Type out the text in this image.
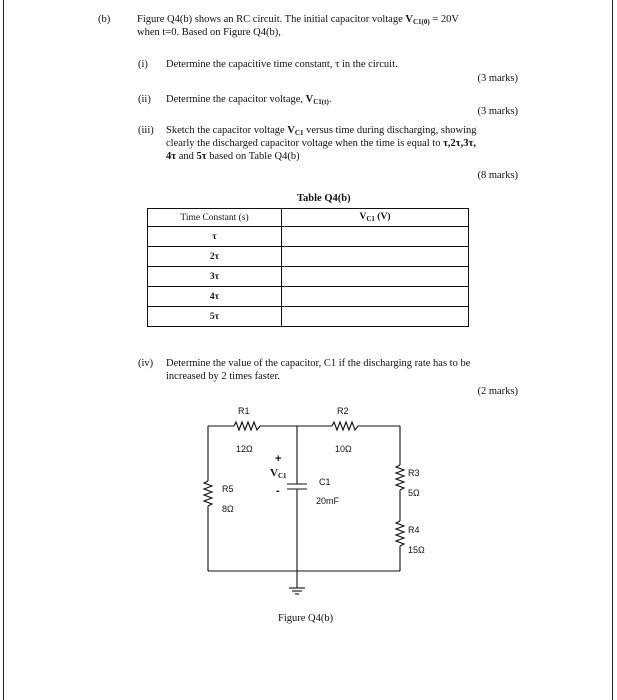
(b)	Figure Q4(b) shows an RC circuit. The initial capacitor voltage $V_{C1(0)} = 20V$
when t=0. Based on Figure Q4(b),
(i) Determine the capacitive time constant, τ in the circuit.
(3 marks)
(ii) Determine the capacitor voltage, $V_{C1(t)}$.
(3 marks)
(iii) Sketch the capacitor voltage $V_{C1}$ versus time during discharging, showing
clearly the discharged capacitor voltage when the time is equal to τ,2τ,3τ,
4τ and 5τ based on Table Q4(b)
(8 marks)
Table Q4(b)
Time Constant (s)	$V_{C1}$ (V)
τ	
2τ	
3τ	
4τ	
5τ	
(iv) Determine the value of the capacitor, C1 if the discharging rate has to be
increased by 2 times faster.
(2 marks)
R1
12Ω
R2
10Ω
R3
5Ω
R4
15Ω
R5
8Ω
C1
20mF
+
VC1
-
Figure Q4(b)
